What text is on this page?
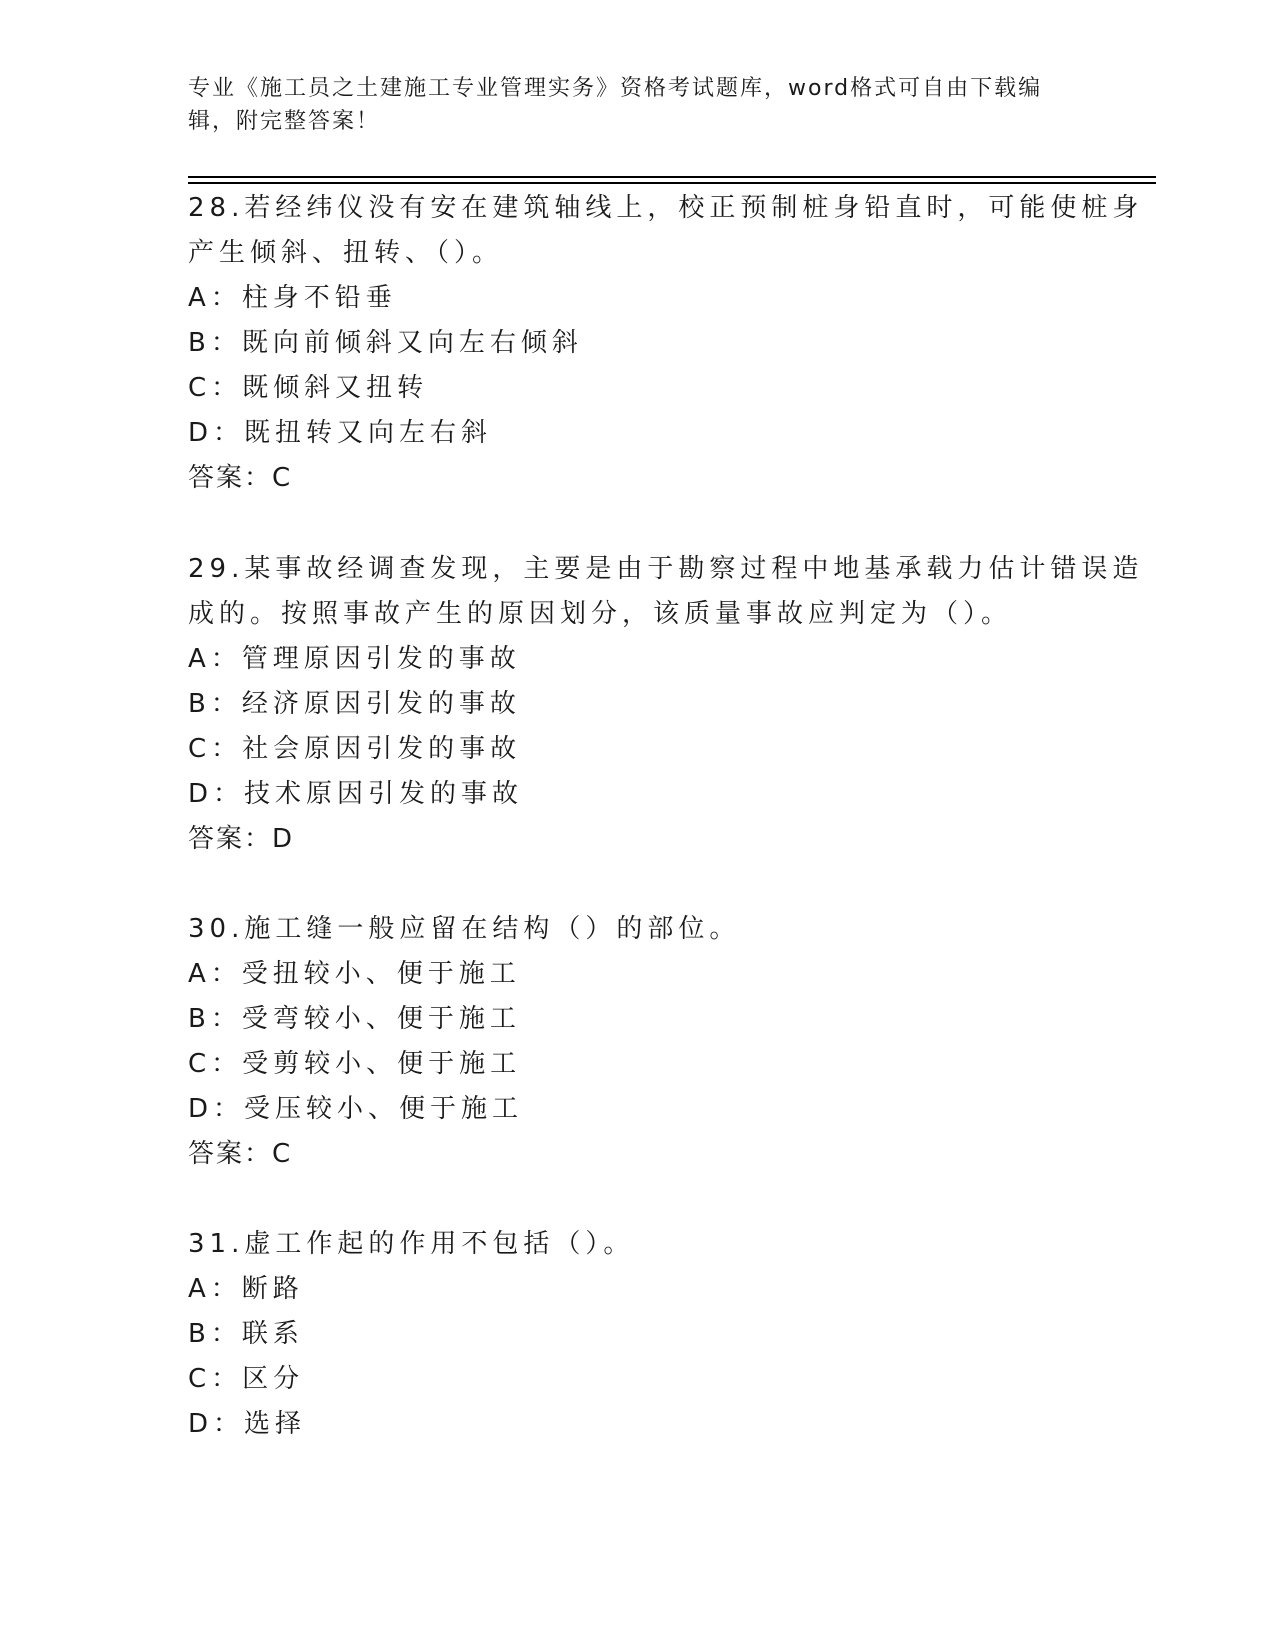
专业《施工员之土建施工专业管理实务》资格考试题库，word格式可自由下载编辑，附完整答案！
28.若经纬仪没有安在建筑轴线上，校正预制桩身铅直时，可能使桩身
产生倾斜、扭转、（）。
A：柱身不铅垂
B：既向前倾斜又向左右倾斜
C：既倾斜又扭转
D：既扭转又向左右斜
答案：C
29.某事故经调查发现，主要是由于勘察过程中地基承载力估计错误造
成的。按照事故产生的原因划分，该质量事故应判定为（）。
A：管理原因引发的事故
B：经济原因引发的事故
C：社会原因引发的事故
D：技术原因引发的事故
答案：D
30.施工缝一般应留在结构（）的部位。
A：受扭较小、便于施工
B：受弯较小、便于施工
C：受剪较小、便于施工
D：受压较小、便于施工
答案：C
31.虚工作起的作用不包括（）。
A：断路
B：联系
C：区分
D：选择
